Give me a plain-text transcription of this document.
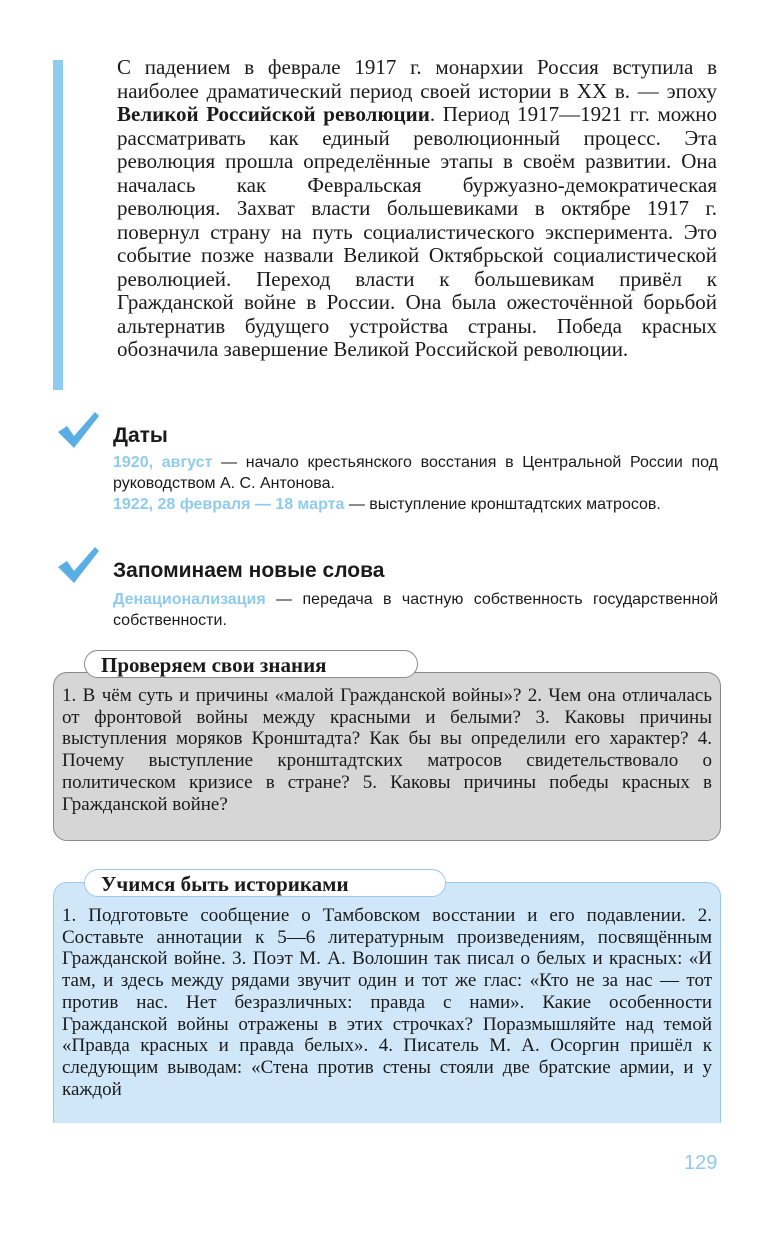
С падением в феврале 1917 г. монархии Россия вступила в наиболее драматический период своей истории в XX в. — эпоху Великой Российской революции. Период 1917—1921 гг. можно рассматривать как единый революционный процесс. Эта революция прошла определённые этапы в своём развитии. Она началась как Февральская буржуазно-демократическая революция. Захват власти большевиками в октябре 1917 г. повернул страну на путь социалистического эксперимента. Это событие позже назвали Великой Октябрьской социалистической революцией. Переход власти к большевикам привёл к Гражданской войне в России. Она была ожесточённой борьбой альтернатив будущего устройства страны. Победа красных обозначила завершение Великой Российской революции.
Даты

1920, август — начало крестьянского восстания в Центральной России под руководством А. С. Антонова.

1922, 28 февраля — 18 марта — выступление кронштадтских матросов.

Запоминаем новые слова

Денационализация — передача в частную собственность государственной собственности.

1. В чём суть и причины «малой Гражданской войны»? 2. Чем она отличалась от фронтовой войны между красными и белыми? 3. Каковы причины выступления моряков Кронштадта? Как бы вы определили его характер? 4. Почему выступление кронштадтских матросов свидетельствовало о политическом кризисе в стране? 5. Каковы причины победы красных в Гражданской войне?

Проверяем свои знания

1. Подготовьте сообщение о Тамбовском восстании и его подавлении. 2. Составьте аннотации к 5—6 литературным произведениям, посвящённым Гражданской войне. 3. Поэт М. А. Волошин так писал о белых и красных: «И там, и здесь между рядами звучит один и тот же глас: «Кто не за нас — тот против нас. Нет безразличных: правда с нами». Какие особенности Гражданской войны отражены в этих строчках? Поразмышляйте над темой «Правда красных и правда белых». 4. Писатель М. А. Осоргин пришёл к следующим выводам: «Стена против стены стояли две братские армии, и у каждой

Учимся быть историками
129
